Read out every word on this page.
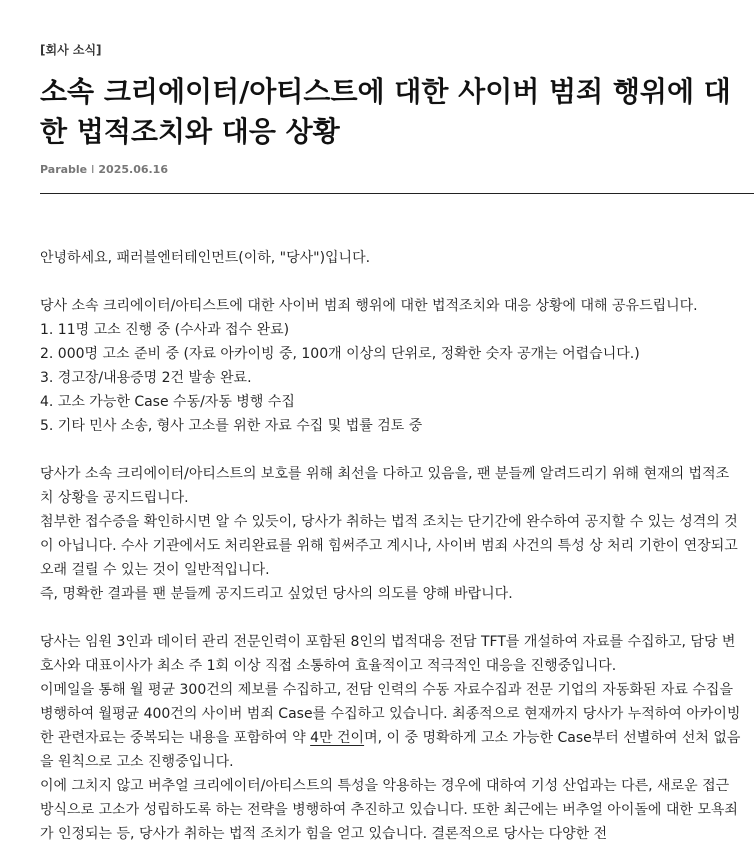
[회사 소식]
소속 크리에이터/아티스트에 대한 사이버 범죄 행위에 대한 법적조치와 대응 상황
Parable I 2025.06.16

안녕하세요, 패러블엔터테인먼트(이하, "당사")입니다.

당사 소속 크리에이터/아티스트에 대한 사이버 범죄 행위에 대한 법적조치와 대응 상황에 대해 공유드립니다.

1. 11명 고소 진행 중 (수사과 접수 완료)

2. 000명 고소 준비 중 (자료 아카이빙 중, 100개 이상의 단위로, 정확한 숫자 공개는 어렵습니다.)

3. 경고장/내용증명 2건 발송 완료.

4. 고소 가능한 Case 수동/자동 병행 수집

5. 기타 민사 소송, 형사 고소를 위한 자료 수집 및 법률 검토 중

당사가 소속 크리에이터/아티스트의 보호를 위해 최선을 다하고 있음을, 팬 분들께 알려드리기 위해 현재의 법적조치 상황을 공지드립니다.

첨부한 접수증을 확인하시면 알 수 있듯이, 당사가 취하는 법적 조치는 단기간에 완수하여 공지할 수 있는 성격의 것이 아닙니다. 수사 기관에서도 처리완료를 위해 힘써주고 계시나, 사이버 범죄 사건의 특성 상 처리 기한이 연장되고 오래 걸릴 수 있는 것이 일반적입니다.

즉, 명확한 결과를 팬 분들께 공지드리고 싶었던 당사의 의도를 양해 바랍니다.

당사는 임원 3인과 데이터 관리 전문인력이 포함된 8인의 법적대응 전담 TFT를 개설하여 자료를 수집하고, 담당 변호사와 대표이사가 최소 주 1회 이상 직접 소통하여 효율적이고 적극적인 대응을 진행중입니다.

이메일을 통해 월 평균 300건의 제보를 수집하고, 전담 인력의 수동 자료수집과 전문 기업의 자동화된 자료 수집을 병행하여 월평균 400건의 사이버 범죄 Case를 수집하고 있습니다. 최종적으로 현재까지 당사가 누적하여 아카이빙한 관련자료는 중복되는 내용을 포함하여 약 4만 건이며, 이 중 명확하게 고소 가능한 Case부터 선별하여 선처 없음을 원칙으로 고소 진행중입니다.

이에 그치지 않고 버추얼 크리에이터/아티스트의 특성을 악용하는 경우에 대하여 기성 산업과는 다른, 새로운 접근방식으로 고소가 성립하도록 하는 전략을 병행하여 추진하고 있습니다. 또한 최근에는 버추얼 아이돌에 대한 모욕죄가 인정되는 등, 당사가 취하는 법적 조치가 힘을 얻고 있습니다. 결론적으로 당사는 다양한 전
